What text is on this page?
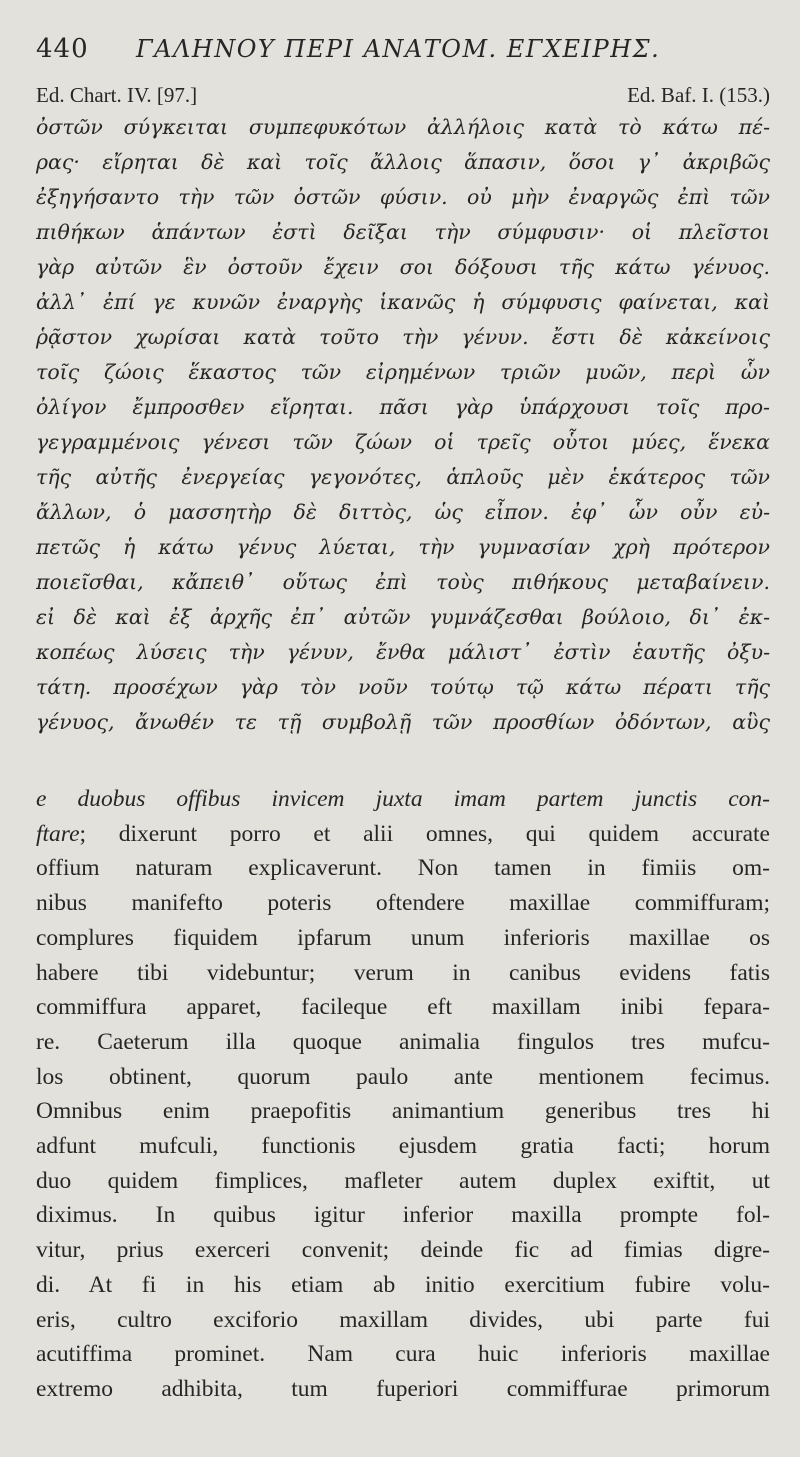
440	ΓΑΛΗΝΟΥ ΠΕΡΙ ΑΝΑΤΟΜ. ΕΓΧΕΙΡΗΣ.
Ed. Chart. IV. [97.]	Ed. Baf. I. (153.)
ὀστῶν σύγκειται συμπεφυκότων ἀλλήλοις κατὰ τὸ κάτω πέ-
ρας· εἴρηται δὲ καὶ τοῖς ἄλλοις ἅπασιν, ὅσοι γ᾿ ἀκριβῶς
ἐξηγήσαντο τὴν τῶν ὀστῶν φύσιν. οὐ μὴν ἐναργῶς ἐπὶ τῶν
πιθήκων ἁπάντων ἐστὶ δεῖξαι τὴν σύμφυσιν· οἱ πλεῖστοι
γὰρ αὐτῶν ἓν ὀστοῦν ἔχειν σοι δόξουσι τῆς κάτω γένυος.
ἀλλ᾿ ἐπί γε κυνῶν ἐναργὴς ἱκανῶς ἡ σύμφυσις φαίνεται, καὶ
ῥᾷστον χωρίσαι κατὰ τοῦτο τὴν γένυν. ἔστι δὲ κἀκείνοις
τοῖς ζώοις ἕκαστος τῶν εἰρημένων τριῶν μυῶν, περὶ ὧν
ὀλίγον ἔμπροσθεν εἴρηται. πᾶσι γὰρ ὑπάρχουσι τοῖς προ-
γεγραμμένοις γένεσι τῶν ζώων οἱ τρεῖς οὗτοι μύες, ἕνεκα
τῆς αὐτῆς ἐνεργείας γεγονότες, ἁπλοῦς μὲν ἑκάτερος τῶν
ἄλλων, ὁ μασσητὴρ δὲ διττὸς, ὡς εἶπον. ἐφ᾿ ὧν οὖν εὐ-
πετῶς ἡ κάτω γένυς λύεται, τὴν γυμνασίαν χρὴ πρότερον
ποιεῖσθαι, κἄπειθ᾿ οὕτως ἐπὶ τοὺς πιθήκους μεταβαίνειν.
εἰ δὲ καὶ ἐξ ἀρχῆς ἐπ᾿ αὐτῶν γυμνάζεσθαι βούλοιο, δι᾿ ἐκ-
κοπέως λύσεις τὴν γένυν, ἔνθα μάλιστ᾿ ἐστὶν ἑαυτῆς ὀξυ-
τάτη. προσέχων γὰρ τὸν νοῦν τούτῳ τῷ κάτω πέρατι τῆς
γένυος, ἄνωθέν τε τῇ συμβολῇ τῶν προσθίων ὀδόντων, αὓς
e duobus offibus invicem juxta imam partem junctis con-
ftare; dixerunt porro et alii omnes, qui quidem accurate
offium naturam explicaverunt. Non tamen in fimiis om-
nibus manifefto poteris oftendere maxillae commiffuram;
complures fiquidem ipfarum unum inferioris maxillae os
habere tibi videbuntur; verum in canibus evidens fatis
commiffura apparet, facileque eft maxillam inibi fepara-
re. Caeterum illa quoque animalia fingulos tres mufcu-
los obtinent, quorum paulo ante mentionem fecimus.
Omnibus enim praepofitis animantium generibus tres hi
adfunt mufculi, functionis ejusdem gratia facti; horum
duo quidem fimplices, mafleter autem duplex exiftit, ut
diximus. In quibus igitur inferior maxilla prompte fol-
vitur, prius exerceri convenit; deinde fic ad fimias digre-
di. At fi in his etiam ab initio exercitium fubire volu-
eris, cultro exciforio maxillam divides, ubi parte fui
acutiffima prominet. Nam cura huic inferioris maxillae
extremo adhibita, tum fuperiori commiffurae primorum
